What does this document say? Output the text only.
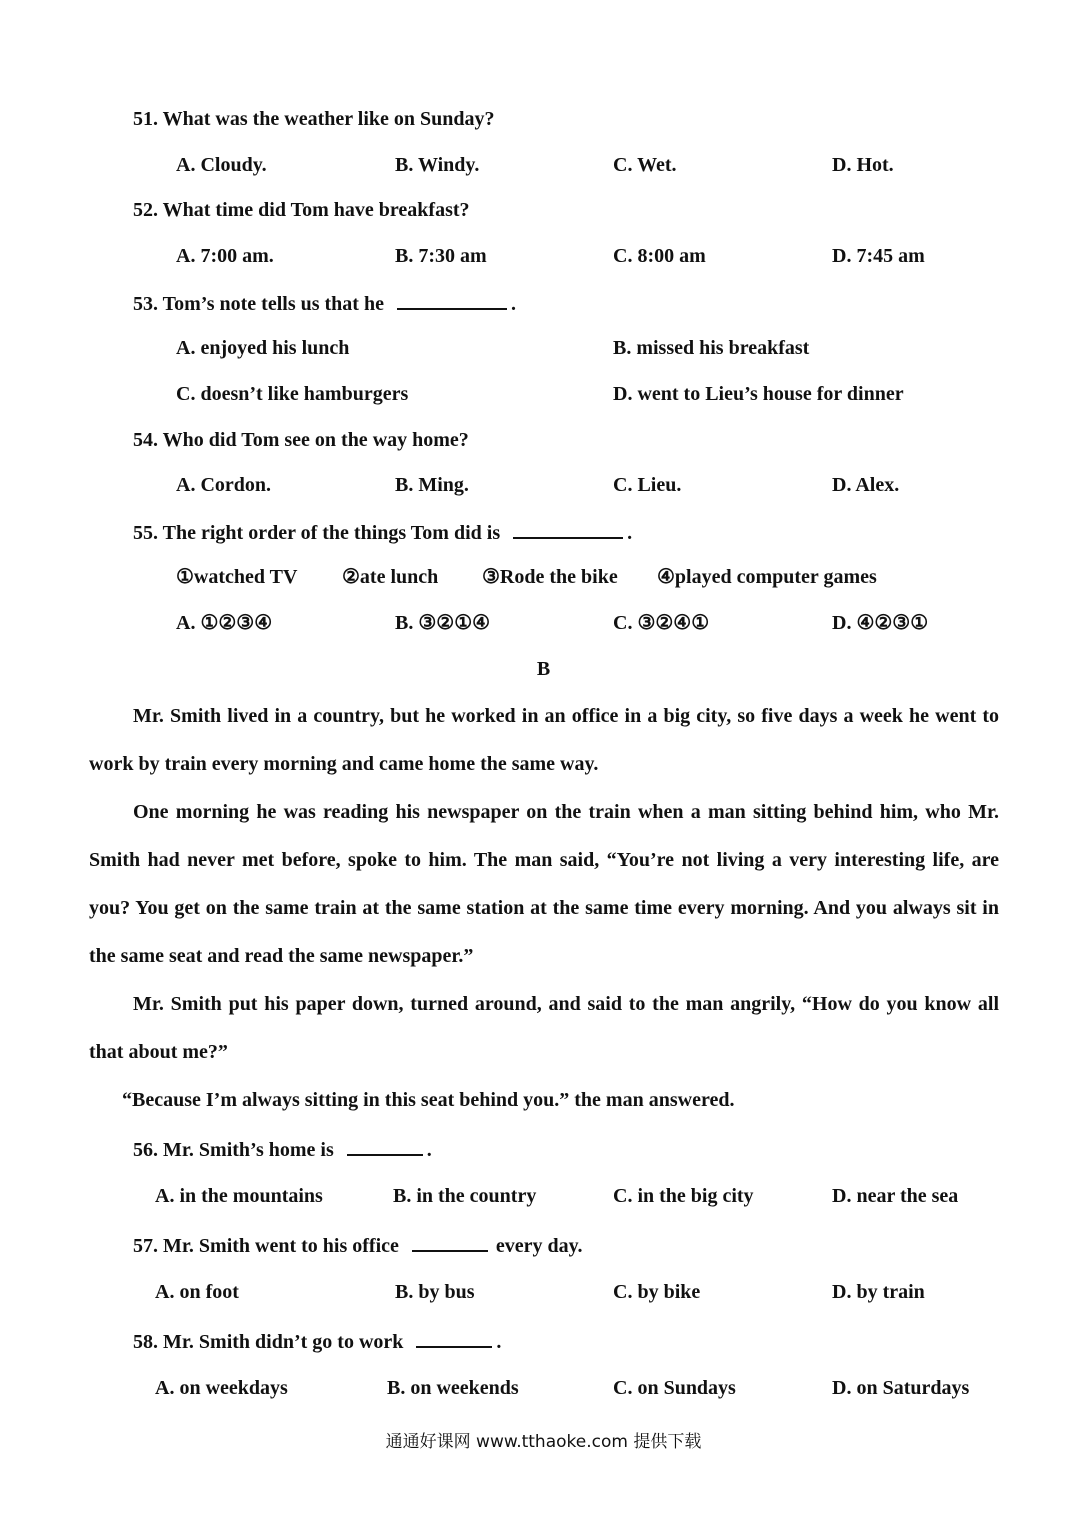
51. What was the weather like on Sunday?
A. Cloudy.	B. Windy.	C. Wet.	D. Hot.
52. What time did Tom have breakfast?
A. 7:00 am.	B. 7:30 am	C. 8:00 am	D. 7:45 am
53. Tom’s note tells us that he	.
A. enjoyed his lunch	B. missed his breakfast
C. doesn’t like hamburgers	D. went to Lieu’s house for dinner
54. Who did Tom see on the way home?
A. Cordon.	B. Ming.	C. Lieu.	D. Alex.
55. The right order of the things Tom did is	.
①watched TV ②ate lunch ③Rode the bike ④played computer games
A. ①②③④	B. ③②①④	C. ③②④①	D. ④②③①
B
Mr. Smith lived in a country, but he worked in an office in a big city, so five days a week he went to work by train every morning and came home the same way.
One morning he was reading his newspaper on the train when a man sitting behind him, who Mr. Smith had never met before, spoke to him. The man said, “You’re not living a very interesting life, are you? You get on the same train at the same station at the same time every morning. And you always sit in the same seat and read the same newspaper.”
Mr. Smith put his paper down, turned around, and said to the man angrily, “How do you know all that about me?”
“Because I’m always sitting in this seat behind you.” the man answered.
56. Mr. Smith’s home is	.
A. in the mountains	B. in the country	C. in the big city	D. near the sea
57. Mr. Smith went to his office	every day.
A. on foot	B. by bus	C. by bike	D. by train
58. Mr. Smith didn’t go to work	.
A. on weekdays	B. on weekends	C. on Sundays	D. on Saturdays
通通好课网 www.tthaoke.com 提供下载
